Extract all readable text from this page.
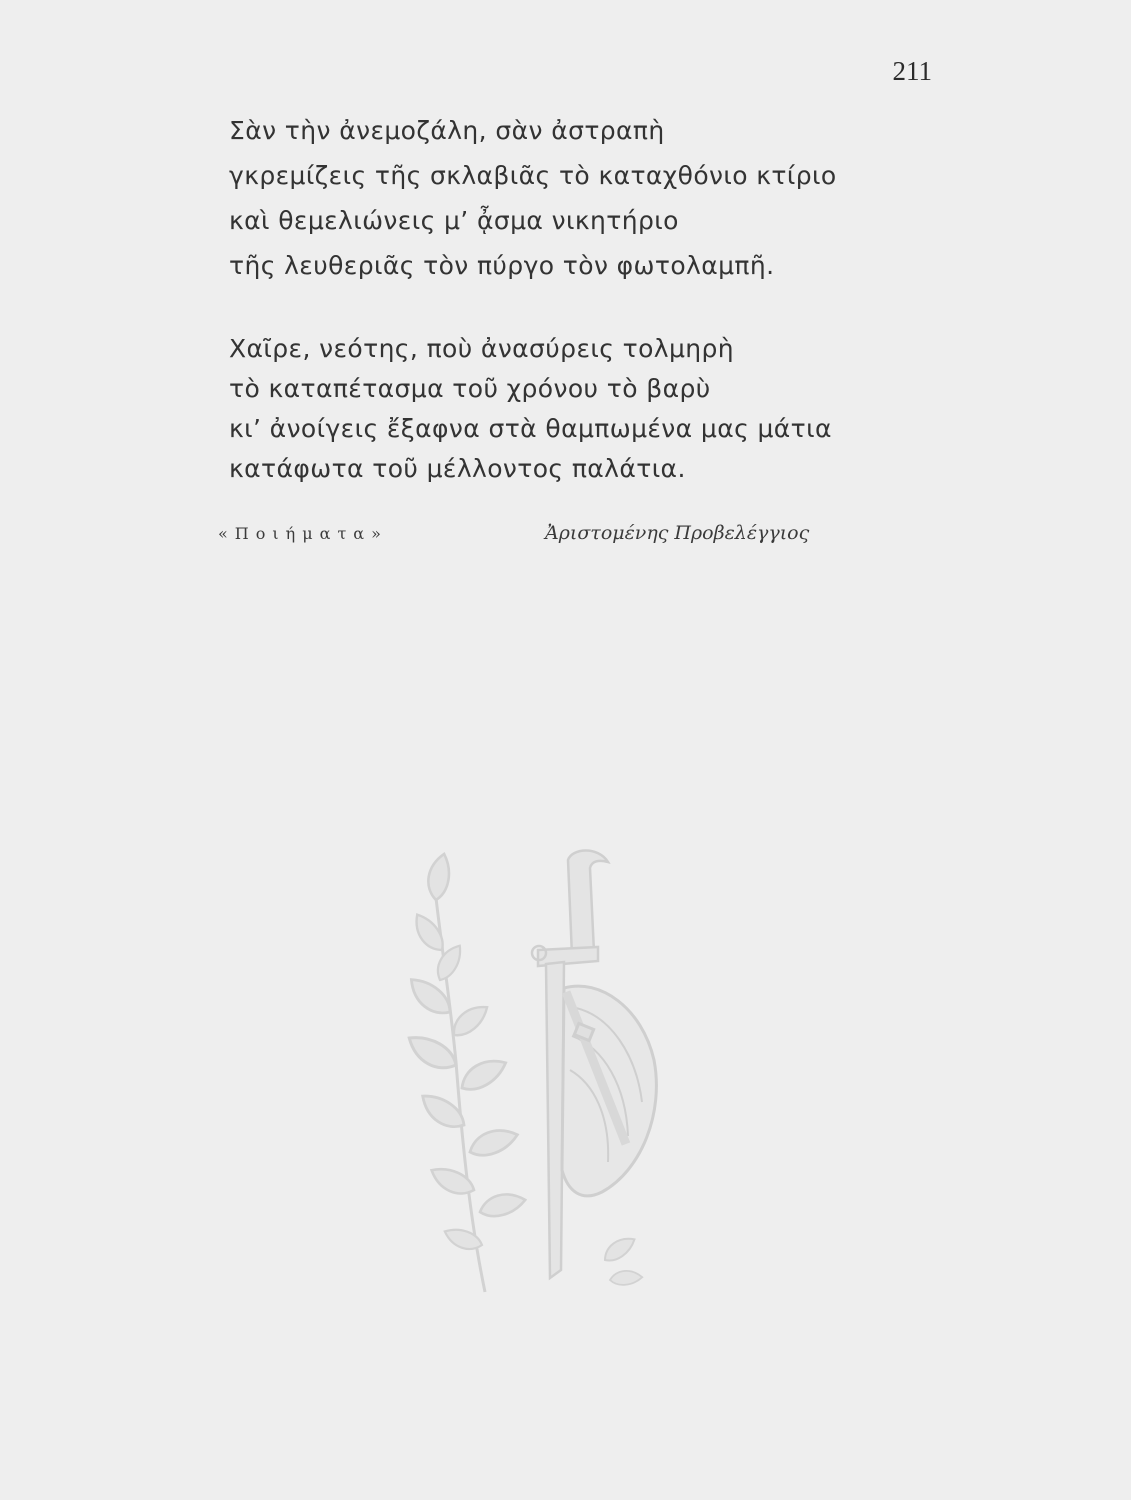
211
Σὰν τὴν ἀνεμοζάλη, σὰν ἀστραπὴ
γκρεμίζεις τῆς σκλαβιᾶς τὸ καταχθόνιο κτίριο
καὶ θεμελιώνεις μ’ ᾆσμα νικητήριο
τῆς λευθεριᾶς τὸν πύργο τὸν φωτολαμπῆ.
Χαῖρε, νεότης, ποὺ ἀνασύρεις τολμηρὴ
τὸ καταπέτασμα τοῦ χρόνου τὸ βαρὺ
κι’ ἀνοίγεις ἔξαφνα στὰ θαμπωμένα μας μάτια
κατάφωτα τοῦ μέλλοντος παλάτια.
«Ποιήματα»	Ἀριστομένης Προβελέγγιος
